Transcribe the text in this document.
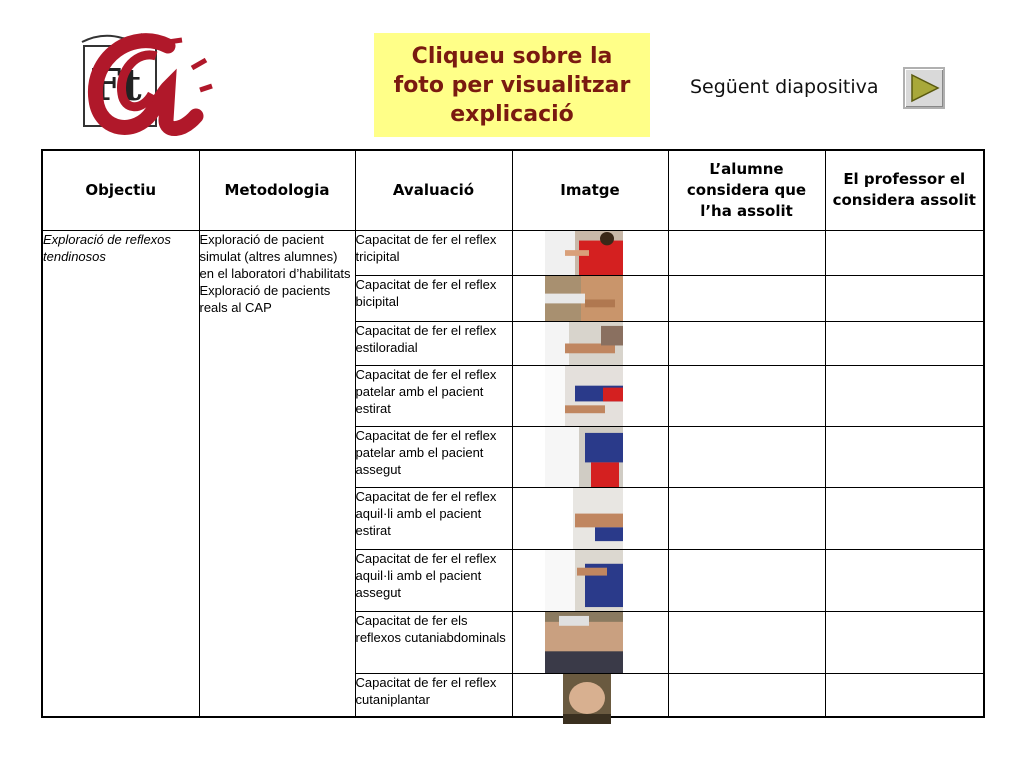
Ft
Cliqueu sobre la foto per visualitzar explicació
Següent diapositiva
Objectiu	Metodologia	Avaluació	Imatge	L’alumne considera que l’ha assolit	El professor el considera assolit
Exploració de reflexos tendinosos	Exploració de pacient simulat (altres alumnes) en el laboratori d’habilitats Exploració de pacients reals al CAP	Capacitat de fer el reflex tricipital	

		Capacitat de fer el reflex bicipital	

		Capacitat de fer el reflex estiloradial	

		Capacitat de fer el reflex patelar amb el pacient estirat	

		Capacitat de fer el reflex patelar amb el pacient assegut	

		Capacitat de fer el reflex aquil·li amb el pacient estirat	

		Capacitat de fer el reflex aquil·li amb el pacient assegut	

		Capacitat de fer els reflexos cutaniabdominals	

		Capacitat de fer el reflex cutaniplantar	
